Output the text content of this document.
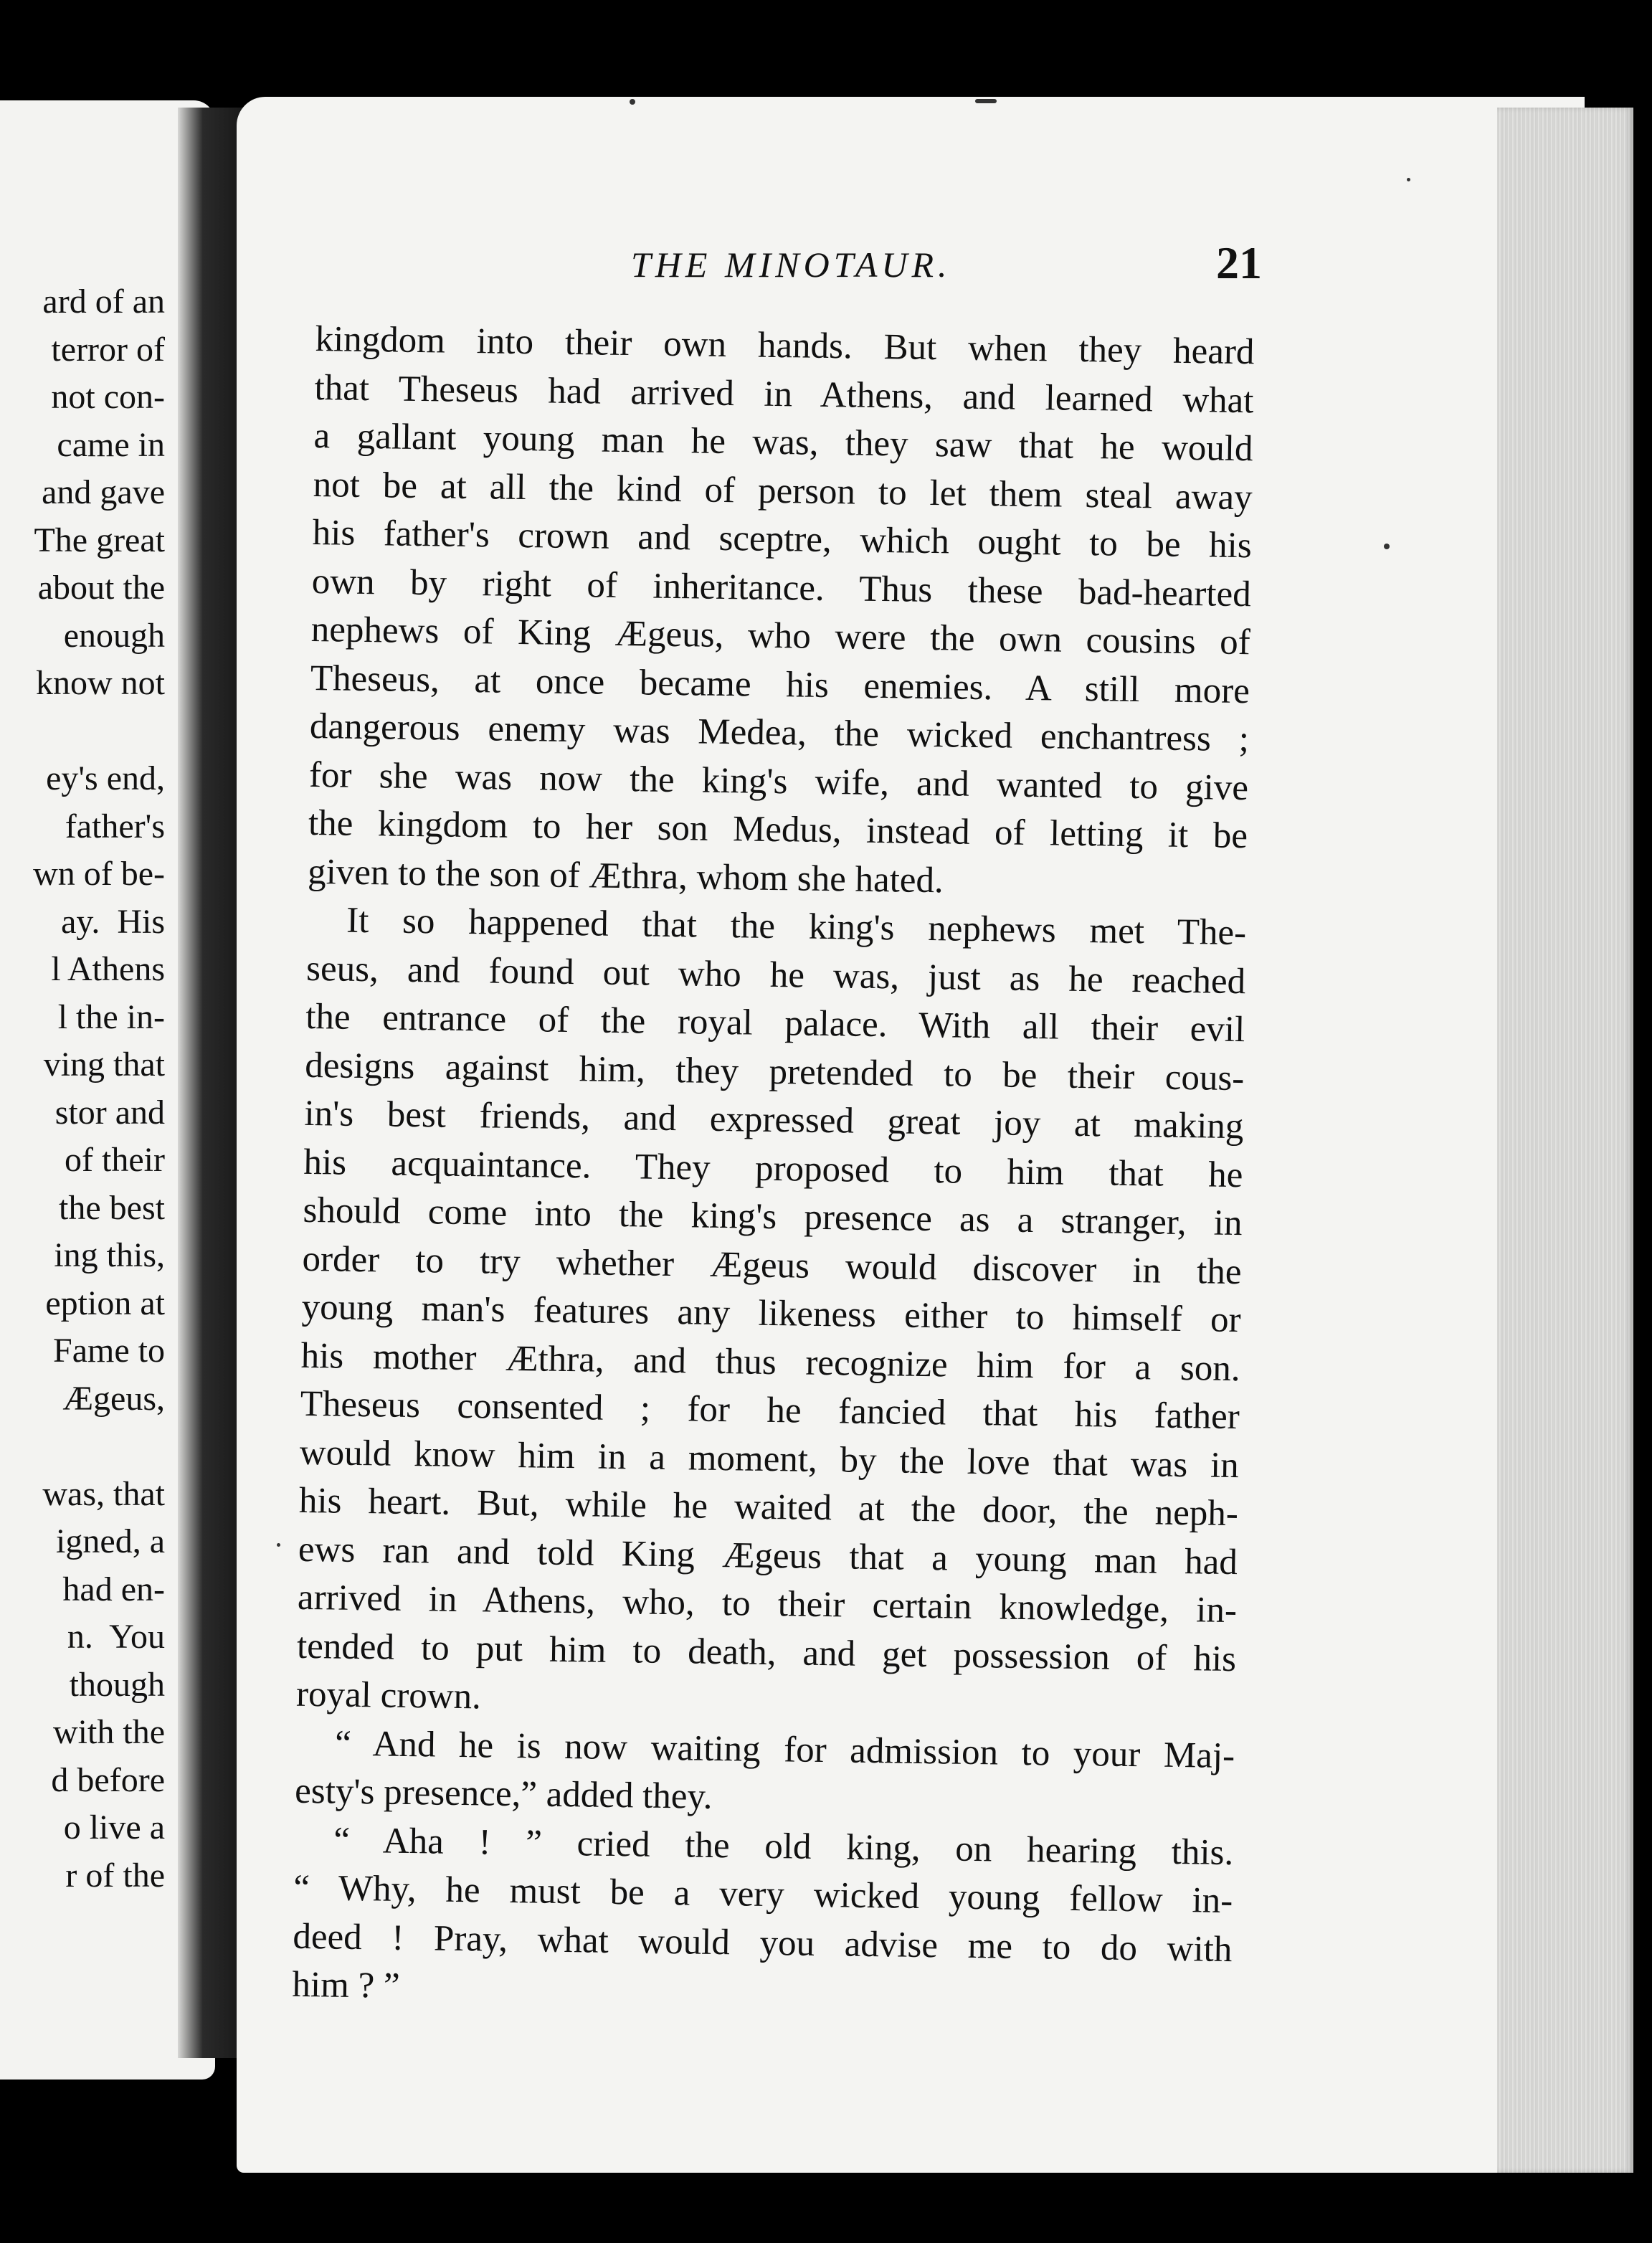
ard of an
terror of
not con-
came in
and gave
The great
about the
enough
know not

ey's end,
father's
wn of be-
ay.  His
l Athens
l the in-
ving that
stor and
of their
the best
ing this,
eption at
Fame to
Ægeus,

was, that
igned, a
had en-
n.  You
though
with the
d before
o live a
r of the
THE MINOTAUR.	21
kingdom into their own hands. But when they heard
that Theseus had arrived in Athens, and learned what
a gallant young man he was, they saw that he would
not be at all the kind of person to let them steal away
his father's crown and sceptre, which ought to be his
own by right of inheritance. Thus these bad-hearted
nephews of King Ægeus, who were the own cousins of
Theseus, at once became his enemies. A still more
dangerous enemy was Medea, the wicked enchantress ;
for she was now the king's wife, and wanted to give
the kingdom to her son Medus, instead of letting it be
given to the son of Æthra, whom she hated.
It so happened that the king's nephews met The-
seus, and found out who he was, just as he reached
the entrance of the royal palace. With all their evil
designs against him, they pretended to be their cous-
in's best friends, and expressed great joy at making
his acquaintance. They proposed to him that he
should come into the king's presence as a stranger, in
order to try whether Ægeus would discover in the
young man's features any likeness either to himself or
his mother Æthra, and thus recognize him for a son.
Theseus consented ; for he fancied that his father
would know him in a moment, by the love that was in
his heart. But, while he waited at the door, the neph-
ews ran and told King Ægeus that a young man had
arrived in Athens, who, to their certain knowledge, in-
tended to put him to death, and get possession of his
royal crown.
“ And he is now waiting for admission to your Maj-
esty's presence,” added they.
“ Aha ! ” cried the old king, on hearing this.
“ Why, he must be a very wicked young fellow in-
deed ! Pray, what would you advise me to do with
him ? ”
